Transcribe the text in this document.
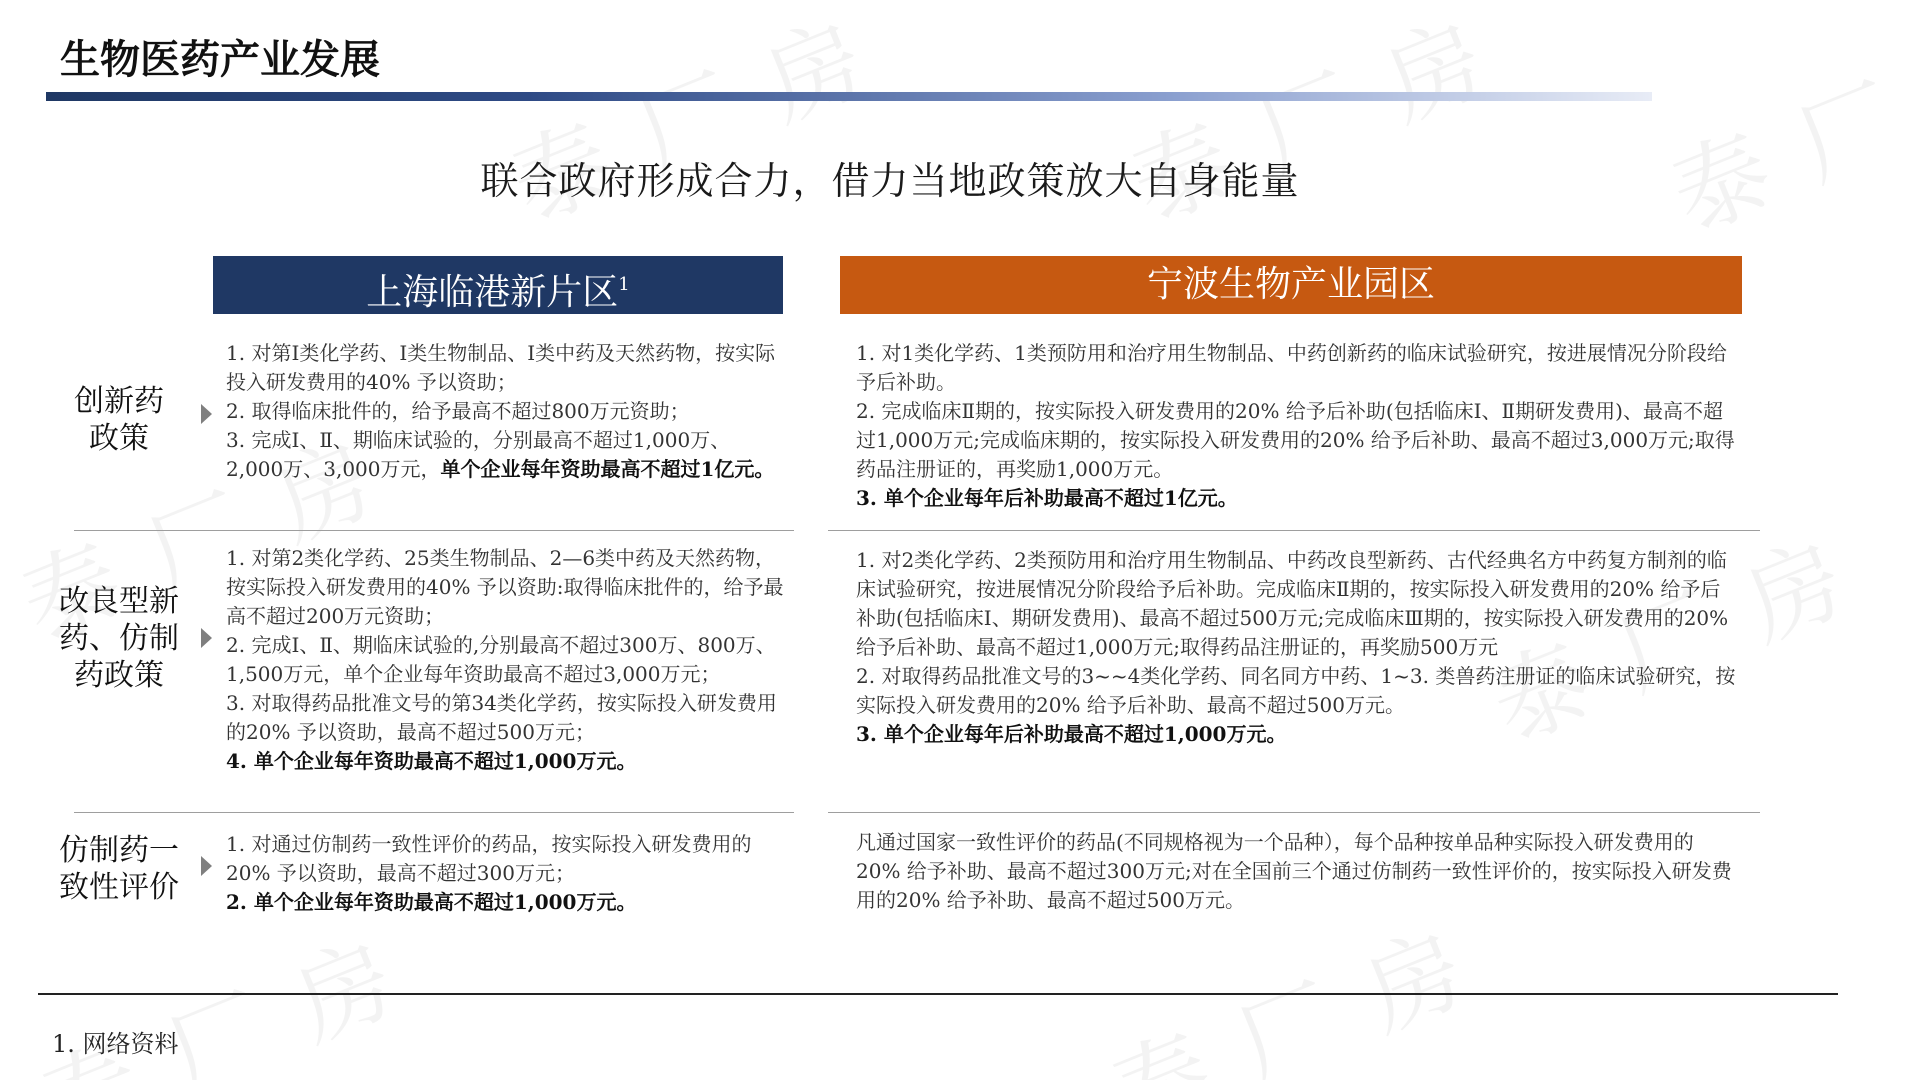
生物医药产业发展
联合政府形成合力，借力当地政策放大自身能量
上海临港新片区$^1$	宁波生物产业园区
创新药
政策

1. 对第Ⅰ类化学药、Ⅰ类生物制品、Ⅰ类中药及天然药物，按实际投入研发费用的40% 予以资助；

2. 取得临床批件的，给予最高不超过800万元资助；

3. 完成Ⅰ、Ⅱ、期临床试验的，分别最高不超过1,000万、2,000万、3,000万元，单个企业每年资助最高不超过1亿元。

1. 对1类化学药、1类预防用和治疗用生物制品、中药创新药的临床试验研究，按进展情况分阶段给予后补助。

2. 完成临床Ⅱ期的，按实际投入研发费用的20% 给予后补助(包括临床Ⅰ、Ⅱ期研发费用)、最高不超过1,000万元;完成临床期的，按实际投入研发费用的20% 给予后补助、最高不超过3,000万元;取得药品注册证的，再奖励1,000万元。

3. 单个企业每年后补助最高不超过1亿元。

改良型新
药、仿制
药政策

1. 对第2类化学药、25类生物制品、2—6类中药及天然药物，按实际投入研发费用的40% 予以资助:取得临床批件的，给予最高不超过200万元资助；

2. 完成Ⅰ、Ⅱ、期临床试验的,分别最高不超过300万、800万、1,500万元，单个企业每年资助最高不超过3,000万元；

3. 对取得药品批准文号的第34类化学药，按实际投入研发费用的20% 予以资助，最高不超过500万元；

4. 单个企业每年资助最高不超过1,000万元。

1. 对2类化学药、2类预防用和治疗用生物制品、中药改良型新药、古代经典名方中药复方制剂的临床试验研究，按进展情况分阶段给予后补助。完成临床Ⅱ期的，按实际投入研发费用的20% 给予后补助(包括临床Ⅰ、期研发费用)、最高不超过500万元;完成临床Ⅲ期的，按实际投入研发费用的20% 给予后补助、最高不超过1,000万元;取得药品注册证的，再奖励500万元

2. 对取得药品批准文号的3~~4类化学药、同名同方中药、1~3. 类兽药注册证的临床试验研究，按实际投入研发费用的20% 给予后补助、最高不超过500万元。

3. 单个企业每年后补助最高不超过1,000万元。

仿制药一
致性评价

1. 对通过仿制药一致性评价的药品，按实际投入研发费用的20% 予以资助，最高不超过300万元；

2. 单个企业每年资助最高不超过1,000万元。

凡通过国家一致性评价的药品(不同规格视为一个品种），每个品种按单品种实际投入研发费用的20% 给予补助、最高不超过300万元;对在全国前三个通过仿制药一致性评价的，按实际投入研发费用的20% 给予补助、最高不超过500万元。

1. 网络资料
